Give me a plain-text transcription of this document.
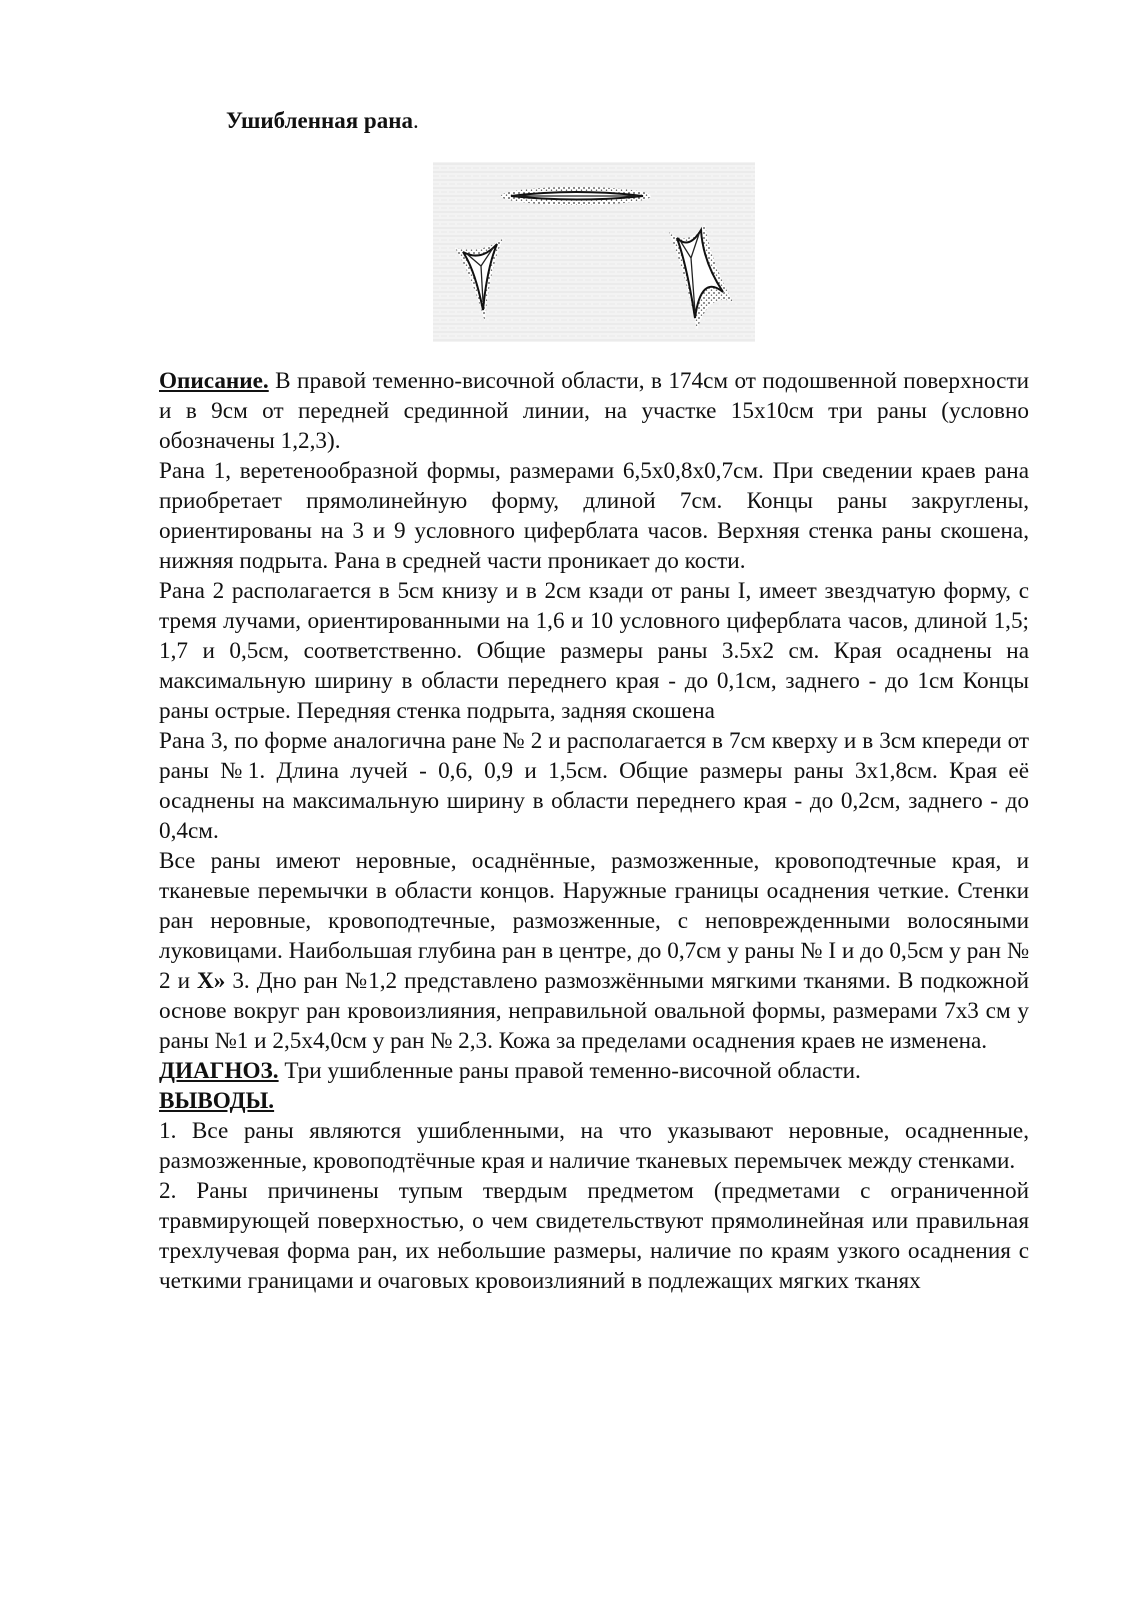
Ушибленная рана.

Описание. В правой теменно-височной области, в 174см от подошвенной поверхности и в 9см от передней срединной линии, на участке 15х10см три раны (условно обозначены 1,2,3).

Рана 1, веретенообразной формы, размерами 6,5х0,8х0,7см. При сведении краев рана приобретает прямолинейную форму, длиной 7см. Концы раны закруглены, ориентированы на 3 и 9 условного циферблата часов. Верхняя стенка раны скошена, нижняя подрыта. Рана в средней части проникает до кости.

Рана 2 располагается в 5см книзу и в 2см кзади от раны I, имеет звездчатую форму, с тремя лучами, ориентированными на 1,6 и 10 условного циферблата часов, длиной 1,5; 1,7 и 0,5см, соответственно. Общие размеры раны 3.5х2 см. Края осаднены на максимальную ширину в области переднего края - до 0,1см, заднего - до 1см Концы раны острые. Передняя стенка подрыта, задняя скошена

Рана 3, по форме аналогична ране № 2 и располагается в 7см кверху и в 3см кпереди от раны №1. Длина лучей - 0,6, 0,9 и 1,5см. Общие размеры раны 3х1,8см. Края её осаднены на максимальную ширину в области переднего края - до 0,2см, заднего - до 0,4см.

Все раны имеют неровные, осаднённые, размозженные, кровоподтечные края, и тканевые перемычки в области концов. Наружные границы осаднения четкие. Стенки ран неровные, кровоподтечные, размозженные, с неповрежденными волосяными луковицами. Наибольшая глубина ран в центре, до 0,7см у раны № I и до 0,5см у ран № 2 и Х» 3. Дно ран №1,2 представлено размозжёнными мягкими тканями. В подкожной основе вокруг ран кровоизлияния, неправильной овальной формы, размерами 7х3 см у раны №1 и 2,5х4,0см у ран № 2,3. Кожа за пределами осаднения краев не изменена.

ДИАГНОЗ. Три ушибленные раны правой теменно-височной области.

ВЫВОДЫ.

1. Все раны являются ушибленными, на что указывают неровные, осадненные, размозженные, кровоподтёчные края и наличие тканевых перемычек между стенками.

2. Раны причинены тупым твердым предметом (предметами с ограниченной травмирующей поверхностью, о чем свидетельствуют прямолинейная или правильная трехлучевая форма ран, их небольшие размеры, наличие по краям узкого осаднения с четкими границами и очаговых кровоизлияний в подлежащих мягких тканях
